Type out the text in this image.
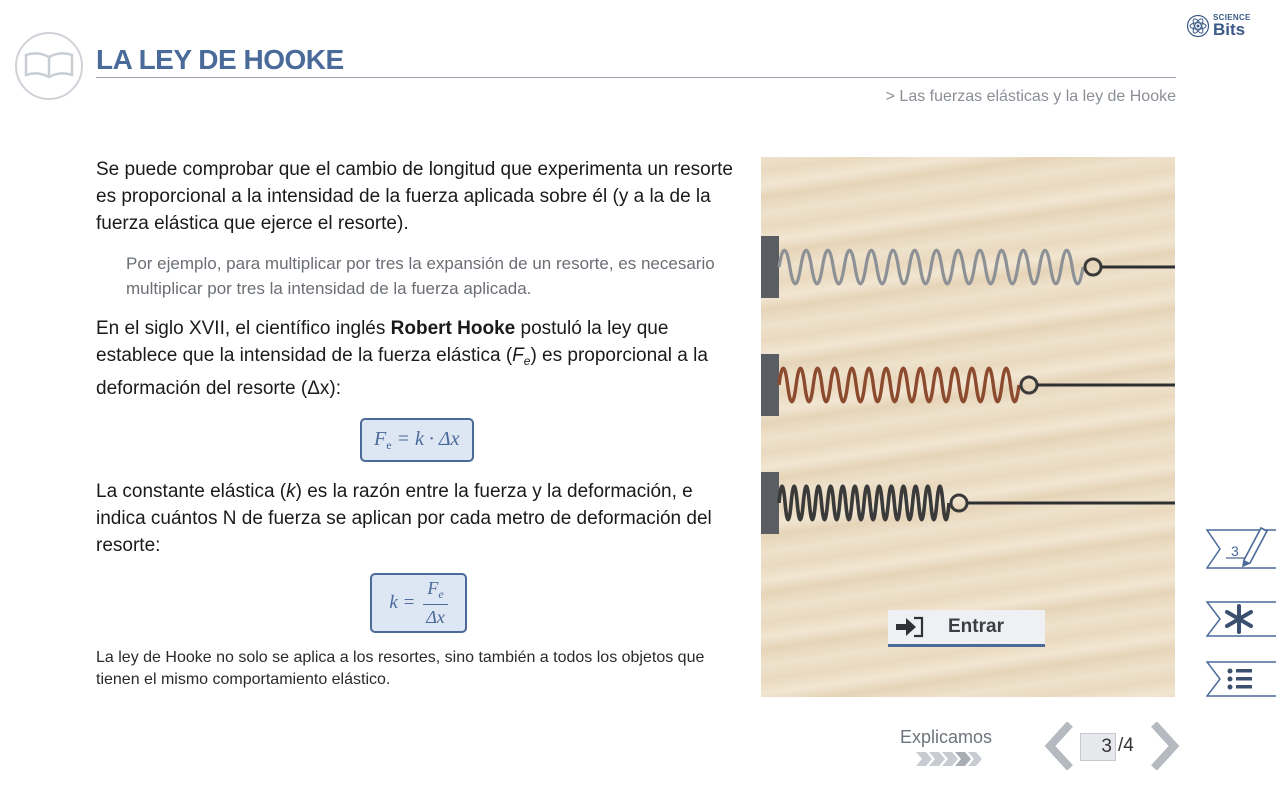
LA LEY DE HOOKE
> Las fuerzas elásticas y la ley de Hooke
SCIENCE
Bits

Se puede comprobar que el cambio de longitud que experimenta un resorte es proporcional a la intensidad de la fuerza aplicada sobre él (y a la de la fuerza elástica que ejerce el resorte).

Por ejemplo, para multiplicar por tres la expansión de un resorte, es necesario multiplicar por tres la intensidad de la fuerza aplicada.

En el siglo XVII, el científico inglés Robert Hooke postuló la ley que establece que la intensidad de la fuerza elástica $(F_e)$ es proporcional a la deformación del resorte (Δx):

$F_e = k \cdot \Delta x$

La constante elástica (k) es la razón entre la fuerza y la deformación, e indica cuántos N de fuerza se aplican por cada metro de deformación del resorte:

$k = \frac{F_e}{\Delta x}$

La ley de Hooke no solo se aplica a los resortes, sino también a todos los objetos que tienen el mismo comportamiento elástico.

Entrar
3
Explicamos
3	/4
